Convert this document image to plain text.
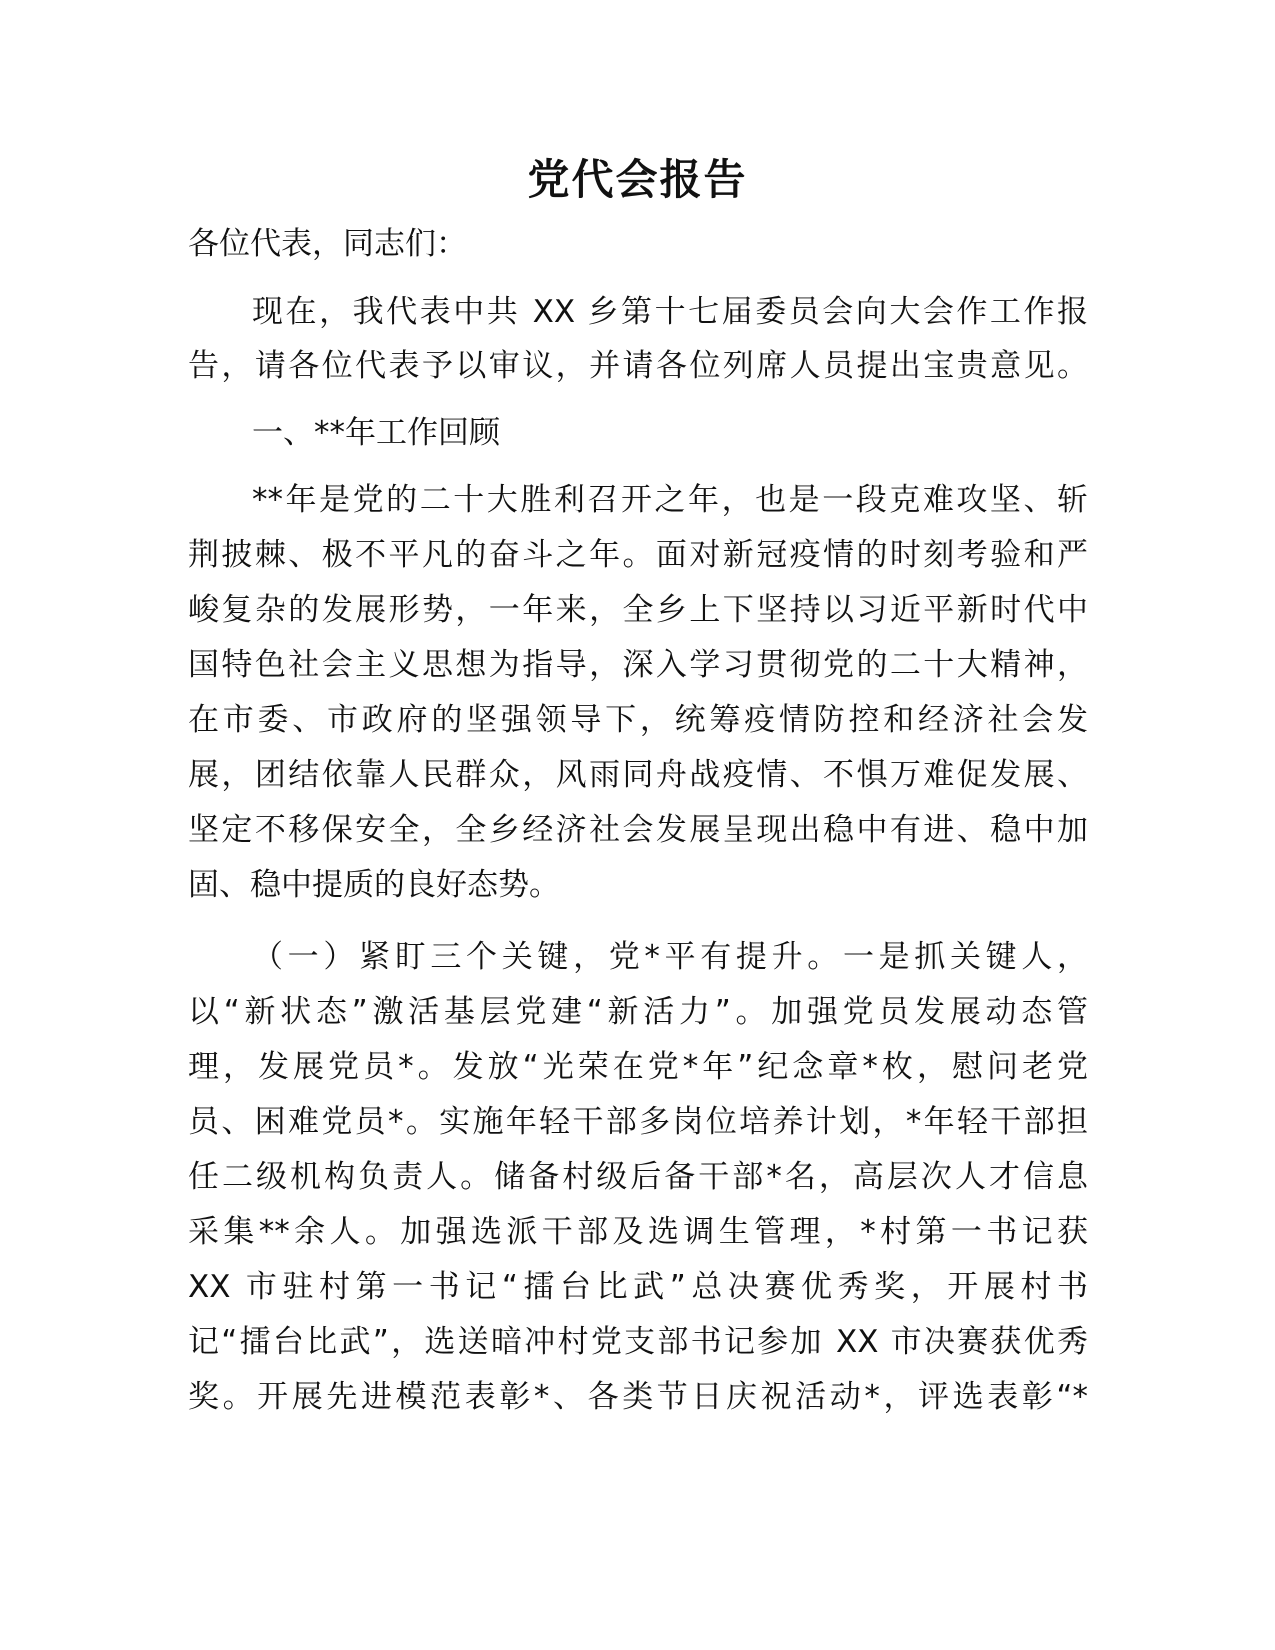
党代会报告
各位代表，同志们：
现在，我代表中共 XX 乡第十七届委员会向大会作工作报
告，请各位代表予以审议，并请各位列席人员提出宝贵意见。
一、**年工作回顾
**年是党的二十大胜利召开之年，也是一段克难攻坚、斩
荆披棘、极不平凡的奋斗之年。面对新冠疫情的时刻考验和严
峻复杂的发展形势，一年来，全乡上下坚持以习近平新时代中
国特色社会主义思想为指导，深入学习贯彻党的二十大精神，
在市委、市政府的坚强领导下，统筹疫情防控和经济社会发
展，团结依靠人民群众，风雨同舟战疫情、不惧万难促发展、
坚定不移保安全，全乡经济社会发展呈现出稳中有进、稳中加
固、稳中提质的良好态势。
（一）紧盯三个关键，党*平有提升。一是抓关键人，
以“新状态”激活基层党建“新活力”。加强党员发展动态管
理，发展党员*。发放“光荣在党*年”纪念章*枚，慰问老党
员、困难党员*。实施年轻干部多岗位培养计划，*年轻干部担
任二级机构负责人。储备村级后备干部*名，高层次人才信息
采集**余人。加强选派干部及选调生管理，*村第一书记获
XX 市驻村第一书记“擂台比武”总决赛优秀奖，开展村书
记“擂台比武”，选送暗冲村党支部书记参加 XX 市决赛获优秀
奖。开展先进模范表彰*、各类节日庆祝活动*，评选表彰“*
